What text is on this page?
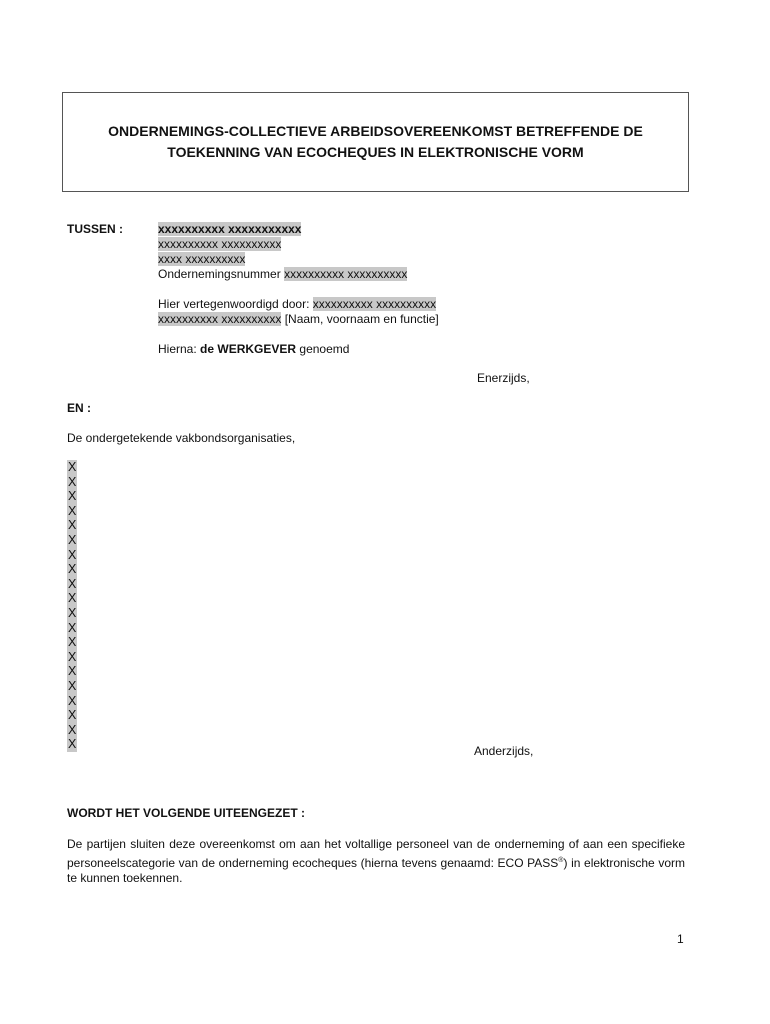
ONDERNEMINGS-COLLECTIEVE ARBEIDSOVEREENKOMST BETREFFENDE DE
TOEKENNING VAN ECOCHEQUES IN ELEKTRONISCHE VORM
TUSSEN :	xxxxxxxxxx xxxxxxxxxxx
xxxxxxxxxx xxxxxxxxxx
xxxx xxxxxxxxxx
Ondernemingsnummer xxxxxxxxxx xxxxxxxxxx
Hier vertegenwoordigd door: xxxxxxxxxx xxxxxxxxxx
xxxxxxxxxx xxxxxxxxxx [Naam, voornaam en functie]
Hierna: de WERKGEVER genoemd
Enerzijds,
EN :
De ondergetekende vakbondsorganisaties,
X
X
X
X
X
X
X
X
X
X
X
X
X
X
X
X
X
X
X
X	Anderzijds,
WORDT HET VOLGENDE UITEENGEZET :
De partijen sluiten deze overeenkomst om aan het voltallige personeel van de onderneming of aan een specifieke personeelscategorie van de onderneming ecocheques (hierna tevens genaamd: ECO PASS®) in elektronische vorm te kunnen toekennen.
1
